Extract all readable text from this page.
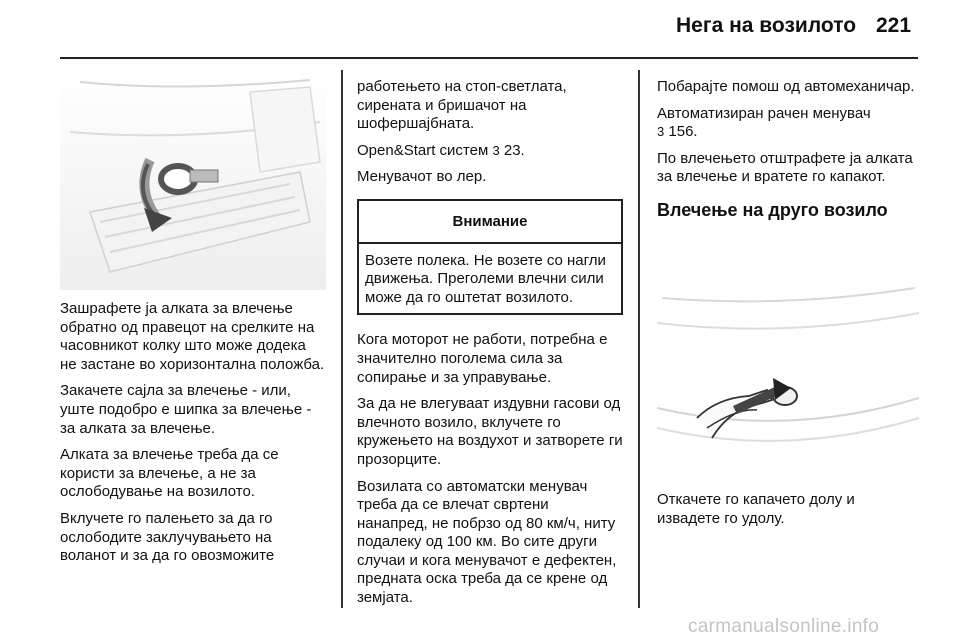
Нега на возилото 221

Зашрафете ја алката за влечење обратно од правецот на срелките на часовникот колку што може додека не застане во хоризонтална положба.

Закачете сајла за влечење - или, уште подобро е шипка за влечење - за алката за влечење.

Алката за влечење треба да се користи за влечење, а не за ослободување на возилото.

Вклучете го палењето за да го ослободите заклучувањето на воланот и за да го овозможите

работењето на стоп-светлата, сирената и бришачот на шофершајбната.

Open&Start систем 3 23.

Менувачот во лер.

Внимание
Возете полека. Не возете со нагли движења. Преголеми влечни сили може да го оштетат возилото.

Кога моторот не работи, потребна е значително поголема сила за сопирање и за управување.

За да не влегуваат издувни гасови од влечното возило, вклучете го кружењето на воздухот и затворете ги прозорците.

Возилата со автоматски менувач треба да се влечат свртени нанапред, не побрзо од 80 км/ч, ниту подалеку од 100 км. Во сите други случаи и кога менувачот е дефектен, предната оска треба да се крене од земјата.

Побарајте помош од автомеханичар.

Автоматизиран рачен менувач
3 156.

По влечењето отштрафете ја алката за влечење и вратете го капакот.

Влечење на друго возило
Откачете го капачето долу и извадете го удолу.
carmanualsonline.info
